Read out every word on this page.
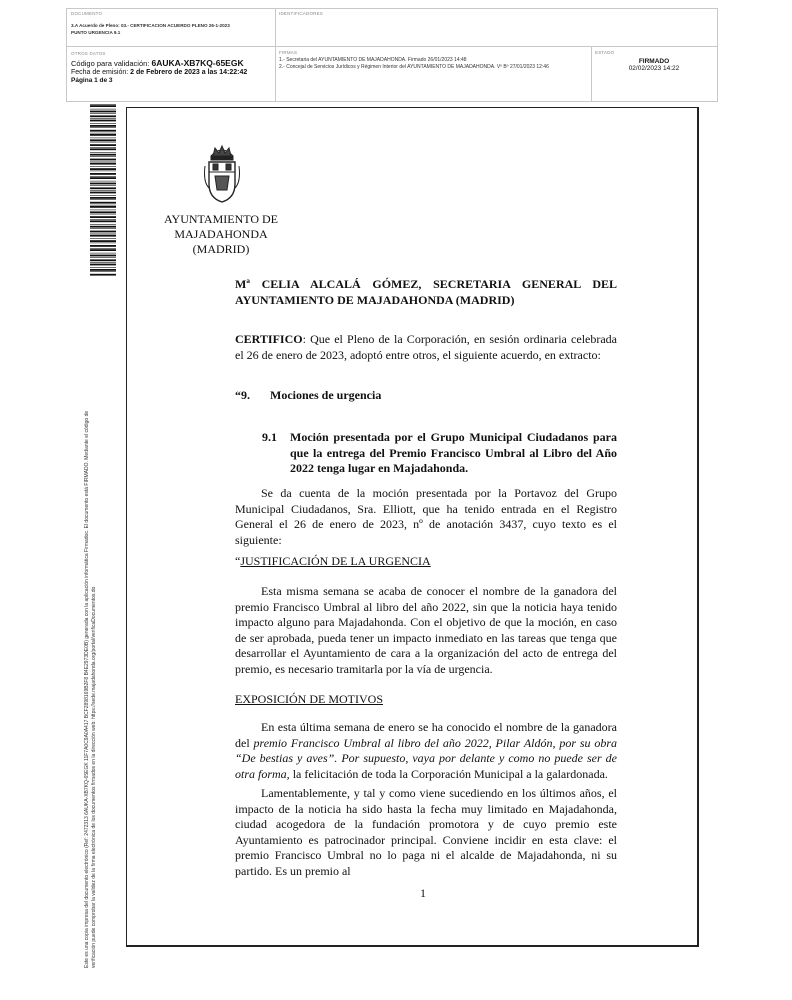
DOCUMENTO
3.A Acuerdo de Pleno: 03.- CERTIFICACION ACUERDO PLENO 26-1-2023 PUNTO URGENCIA 9.1
IDENTIFICADORES
OTROS DATOS
Código para validación: 6AUKA-XB7KQ-65EGK
Fecha de emisión: 2 de Febrero de 2023 a las 14:22:42
Página 1 de 3
FIRMAS
1.- Secretaria del AYUNTAMIENTO DE MAJADAHONDA. Firmado 26/01/2023 14:48
2.- Concejal de Servicios Jurídicos y Régimen Interior del AYUNTAMIENTO DE MAJADAHONDA. Vº Bº 27/01/2023 12:46
ESTADO
FIRMADO
02/02/2023 14:22
Este es una copia impresa del documento electrónico (Ref: 2472313 6AUKA-XB7KQ-65EGK 11F7A0C9A0A417 BCF2898169B2F8 B4E2973DE0B) generada con la aplicación informática Firmadoc. El documento está FIRMADO. Mediante el código de verificación puede comprobar la validez de la firma electrónica de los documentos firmados en la dirección web: https://sede.majadahonda.org/portal/verificaDocumentos.do
AYUNTAMIENTO DE
MAJADAHONDA
(MADRID)
Mª CELIA ALCALÁ GÓMEZ, SECRETARIA GENERAL DEL AYUNTAMIENTO DE MAJADAHONDA (MADRID)
CERTIFICO: Que el Pleno de la Corporación, en sesión ordinaria celebrada el 26 de enero de 2023, adoptó entre otros, el siguiente acuerdo, en extracto:
“9. Mociones de urgencia
9.1	Moción presentada por el Grupo Municipal Ciudadanos para que la entrega del Premio Francisco Umbral al Libro del Año 2022 tenga lugar en Majadahonda.
Se da cuenta de la moción presentada por la Portavoz del Grupo Municipal Ciudadanos, Sra. Elliott, que ha tenido entrada en el Registro General el 26 de enero de 2023, nº de anotación 3437, cuyo texto es el siguiente:
“JUSTIFICACIÓN DE LA URGENCIA
Esta misma semana se acaba de conocer el nombre de la ganadora del premio Francisco Umbral al libro del año 2022, sin que la noticia haya tenido impacto alguno para Majadahonda. Con el objetivo de que la moción, en caso de ser aprobada, pueda tener un impacto inmediato en las tareas que tenga que desarrollar el Ayuntamiento de cara a la organización del acto de entrega del premio, es necesario tramitarla por la vía de urgencia.
EXPOSICIÓN DE MOTIVOS
En esta última semana de enero se ha conocido el nombre de la ganadora del premio Francisco Umbral al libro del año 2022, Pilar Aldón, por su obra “De bestias y aves”. Por supuesto, vaya por delante y como no puede ser de otra forma, la felicitación de toda la Corporación Municipal a la galardonada.
Lamentablemente, y tal y como viene sucediendo en los últimos años, el impacto de la noticia ha sido hasta la fecha muy limitado en Majadahonda, ciudad acogedora de la fundación promotora y de cuyo premio este Ayuntamiento es patrocinador principal. Conviene incidir en esta clave: el premio Francisco Umbral no lo paga ni el alcalde de Majadahonda, ni su partido. Es un premio al
1
